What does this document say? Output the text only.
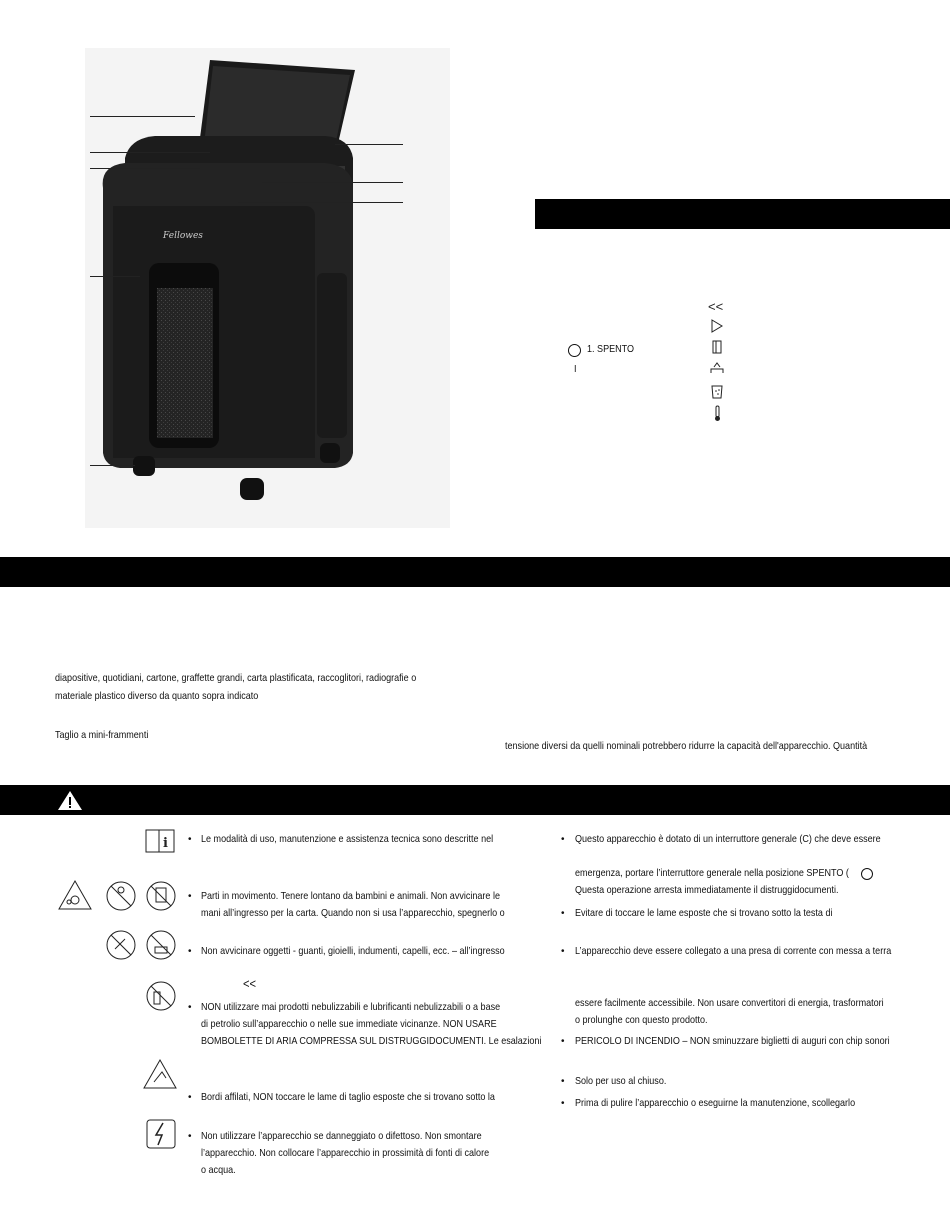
Fellowes
1. SPENTO
I
<<

diapositive, quotidiani, cartone, graffette grandi, carta plastificata, raccoglitori, radiografie o
materiale plastico diverso da quanto sopra indicato
Taglio a mini-frammenti
tensione diversi da quelli nominali potrebbero ridurre la capacità dell'apparecchio. Quantità
i
<<
• Le modalità di uso, manutenzione e assistenza tecnica sono descritte nel
• Parti in movimento. Tenere lontano da bambini e animali. Non avvicinare le
mani all’ingresso per la carta. Quando non si usa l’apparecchio, spegnerlo o
• Non avvicinare oggetti - guanti, gioielli, indumenti, capelli, ecc. – all’ingresso
• NON utilizzare mai prodotti nebulizzabili e lubrificanti nebulizzabili o a base
di petrolio sull’apparecchio o nelle sue immediate vicinanze. NON USARE
BOMBOLETTE DI ARIA COMPRESSA SUL DISTRUGGIDOCUMENTI. Le esalazioni
• Bordi affilati, NON toccare le lame di taglio esposte che si trovano sotto la
• Non utilizzare l’apparecchio se danneggiato o difettoso. Non smontare
l’apparecchio. Non collocare l’apparecchio in prossimità di fonti di calore
o acqua.
• Questo apparecchio è dotato di un interruttore generale (C) che deve essere
emergenza, portare l’interruttore generale nella posizione SPENTO (
Questa operazione arresta immediatamente il distruggidocumenti.
• Evitare di toccare le lame esposte che si trovano sotto la testa di
• L’apparecchio deve essere collegato a una presa di corrente con messa a terra
essere facilmente accessibile. Non usare convertitori di energia, trasformatori
o prolunghe con questo prodotto.
• PERICOLO DI INCENDIO – NON sminuzzare biglietti di auguri con chip sonori
• Solo per uso al chiuso.
• Prima di pulire l’apparecchio o eseguirne la manutenzione, scollegarlo
